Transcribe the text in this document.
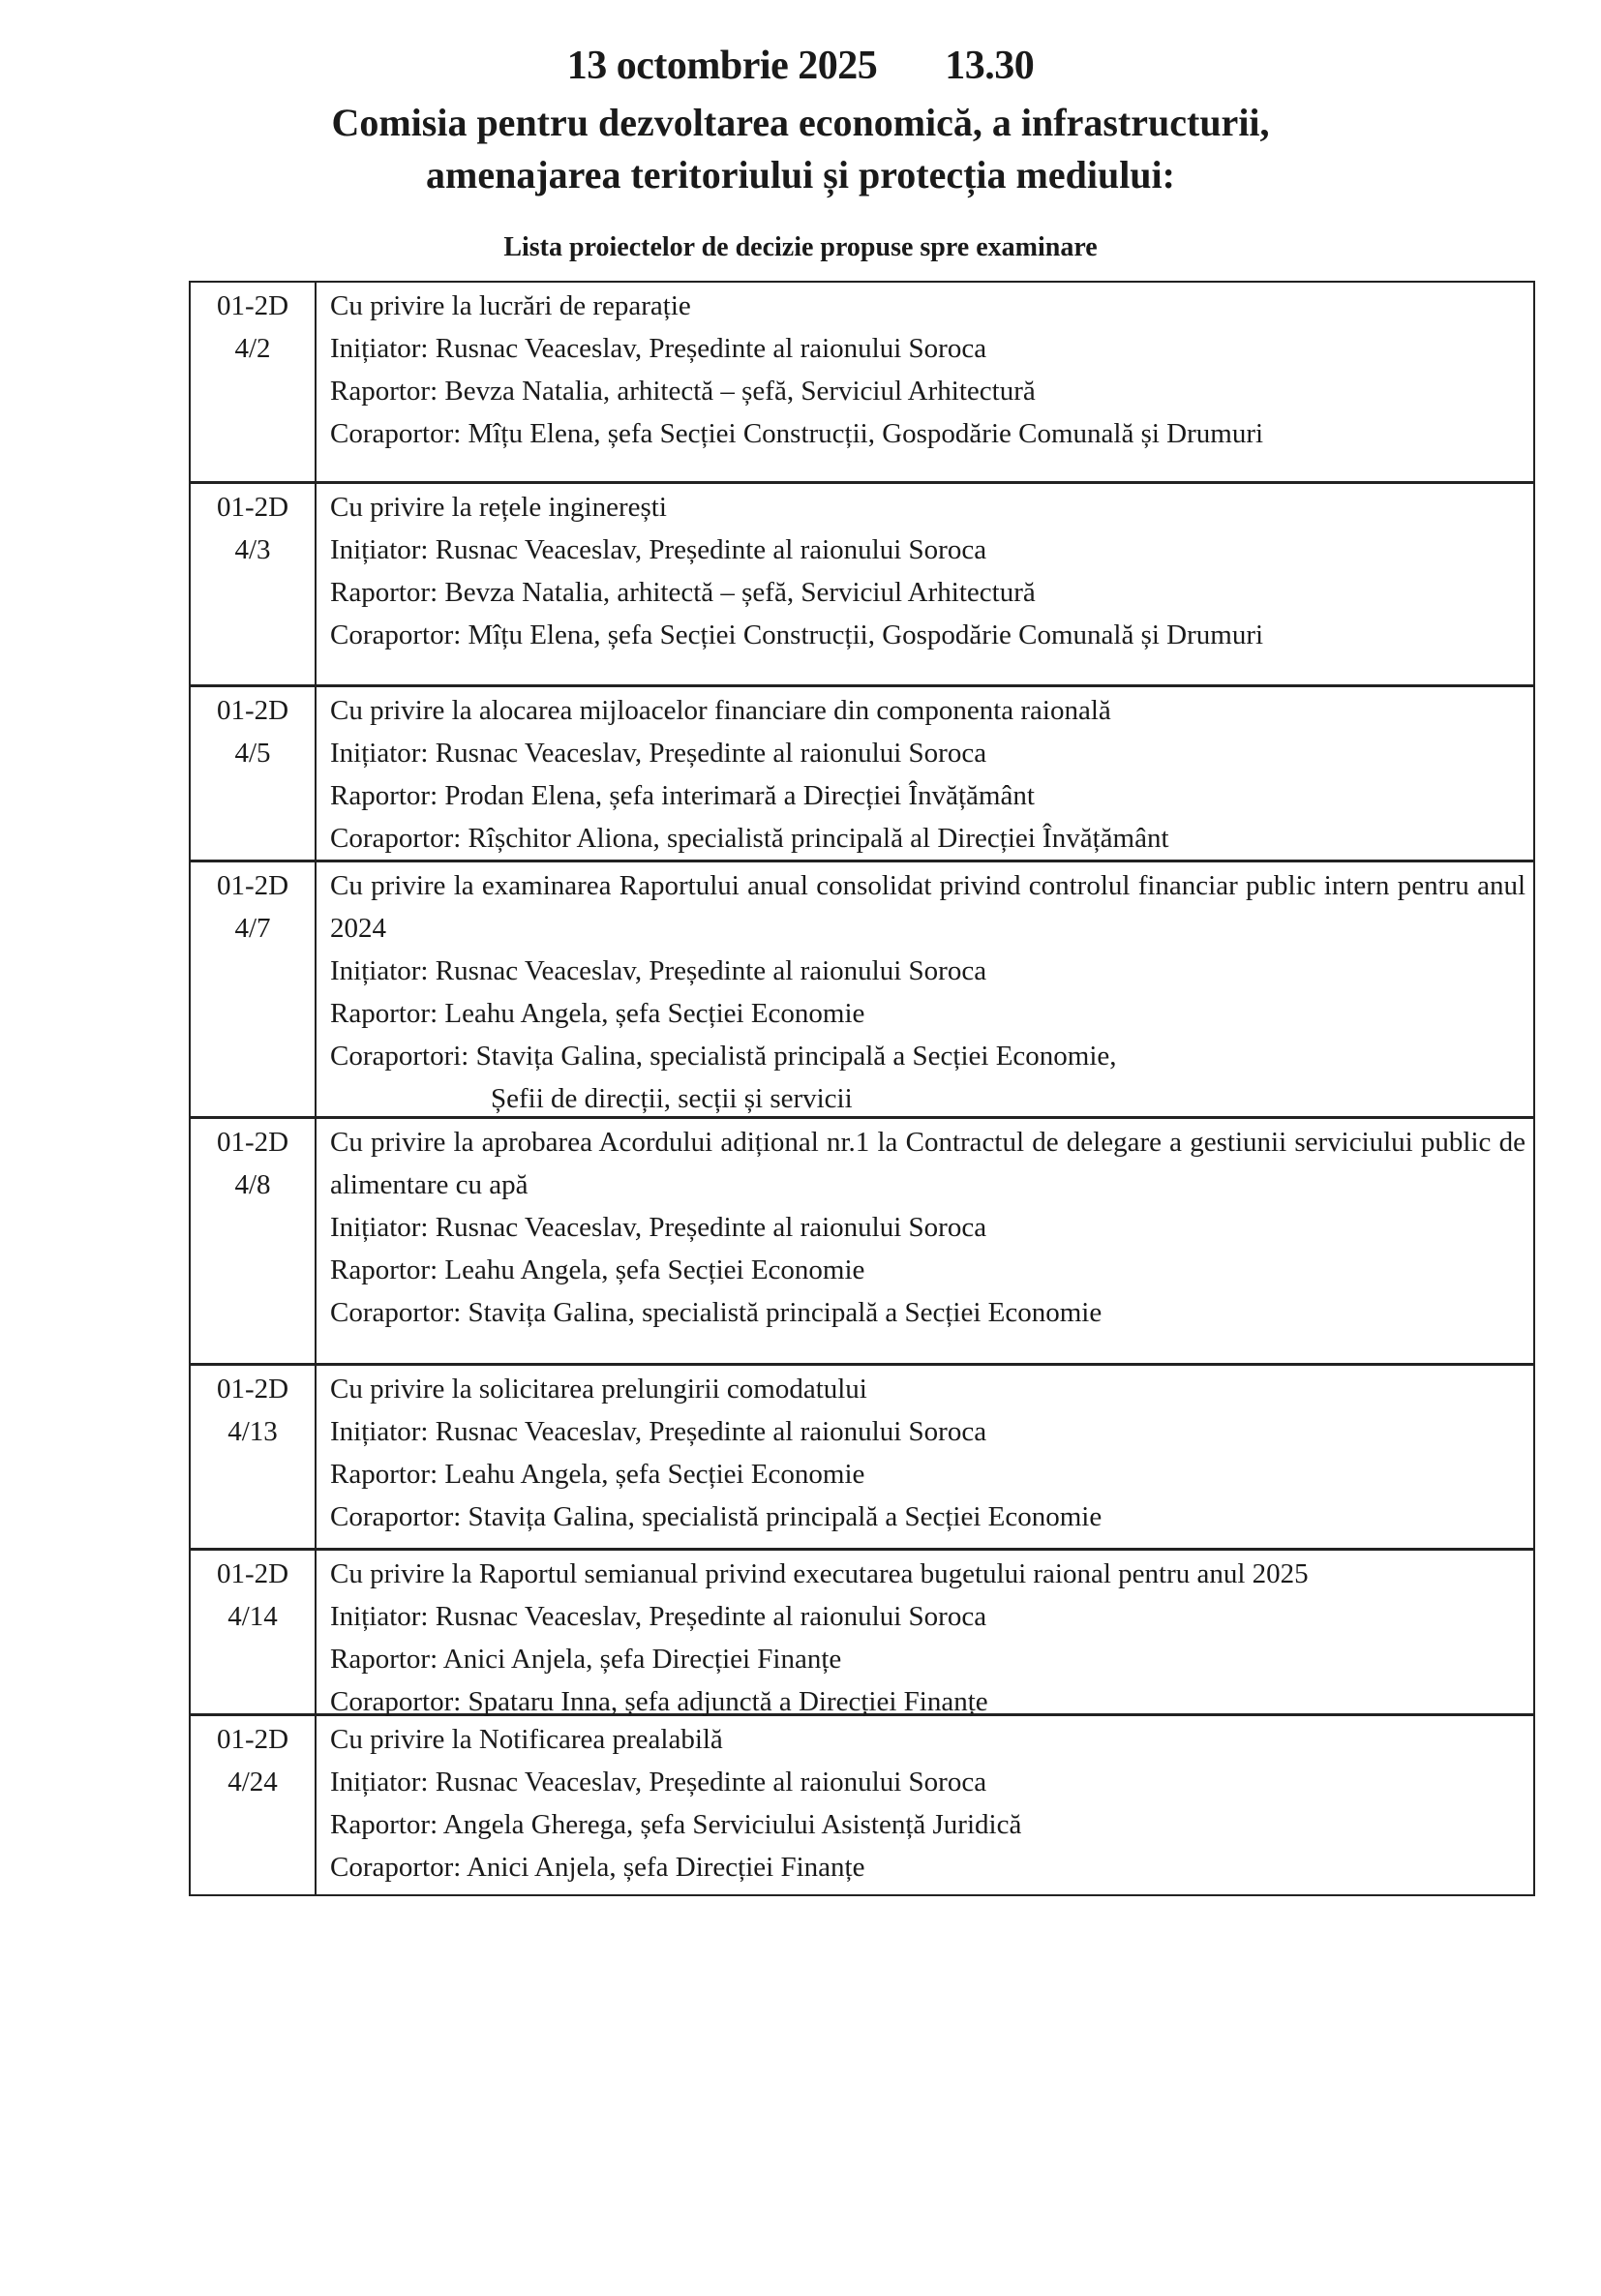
13 octombrie 2025 13.30
Comisia pentru dezvoltarea economică, a infrastructurii,
amenajarea teritoriului și protecția mediului:
Lista proiectelor de decizie propuse spre examinare
01-2D
4/2
Cu privire la lucrări de reparație
Inițiator: Rusnac Veaceslav, Președinte al raionului Soroca
Raportor: Bevza Natalia, arhitectă – șefă, Serviciul Arhitectură
Coraportor: Mîțu Elena, șefa Secției Construcții, Gospodărie Comunală și Drumuri
01-2D
4/3
Cu privire la rețele inginerești
Inițiator: Rusnac Veaceslav, Președinte al raionului Soroca
Raportor: Bevza Natalia, arhitectă – șefă, Serviciul Arhitectură
Coraportor: Mîțu Elena, șefa Secției Construcții, Gospodărie Comunală și Drumuri
01-2D
4/5
Cu privire la alocarea mijloacelor financiare din componenta raională
Inițiator: Rusnac Veaceslav, Președinte al raionului Soroca
Raportor: Prodan Elena, șefa interimară a Direcției Învățământ
Coraportor: Rîșchitor Aliona, specialistă principală al Direcției Învățământ
01-2D
4/7
Cu privire la examinarea Raportului anual consolidat privind controlul financiar public intern pentru anul 2024
Inițiator: Rusnac Veaceslav, Președinte al raionului Soroca
Raportor: Leahu Angela, șefa Secției Economie
Coraportori: Stavița Galina, specialistă principală a Secției Economie,
Șefii de direcții, secții și servicii
01-2D
4/8
Cu privire la aprobarea Acordului adițional nr.1 la Contractul de delegare a gestiunii serviciului public de alimentare cu apă
Inițiator: Rusnac Veaceslav, Președinte al raionului Soroca
Raportor: Leahu Angela, șefa Secției Economie
Coraportor: Stavița Galina, specialistă principală a Secției Economie
01-2D
4/13
Cu privire la solicitarea prelungirii comodatului
Inițiator: Rusnac Veaceslav, Președinte al raionului Soroca
Raportor: Leahu Angela, șefa Secției Economie
Coraportor: Stavița Galina, specialistă principală a Secției Economie
01-2D
4/14
Cu privire la Raportul semianual privind executarea bugetului raional pentru anul 2025
Inițiator: Rusnac Veaceslav, Președinte al raionului Soroca
Raportor: Anici Anjela, șefa Direcției Finanțe
Coraportor: Spataru Inna, șefa adjunctă a Direcției Finanțe
01-2D
4/24
Cu privire la Notificarea prealabilă
Inițiator: Rusnac Veaceslav, Președinte al raionului Soroca
Raportor: Angela Gherega, șefa Serviciului Asistență Juridică
Coraportor: Anici Anjela, șefa Direcției Finanțe
